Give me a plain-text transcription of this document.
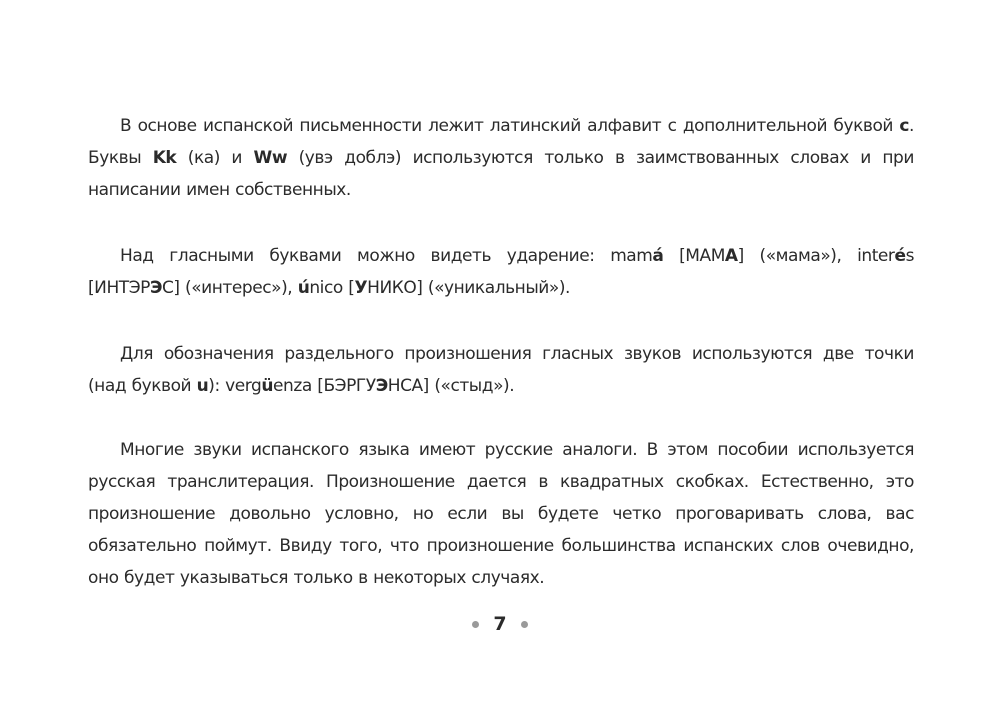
В основе испанской письменности лежит латинский алфавит с дополнительной буквой c. Буквы Kk (ка) и Ww (увэ доблэ) используются только в заимствованных словах и при написании имен собственных.

Над гласными буквами можно видеть ударение: mamá [МАМА] («мама»), interés [ИНТЭРЭС] («интерес»), único [УНИКО] («уникальный»).

Для обозначения раздельного произношения гласных звуков используются две точки (над буквой u): vergüenza [БЭРГУЭНСА] («стыд»).

Многие звуки испанского языка имеют русские аналоги. В этом пособии используется русская транслитерация. Произношение дается в квадратных скобках. Естественно, это произношение довольно условно, но если вы будете четко проговаривать слова, вас обязательно поймут. Ввиду того, что произношение большинства испанских слов очевидно, оно будет указываться только в некоторых случаях.

7
